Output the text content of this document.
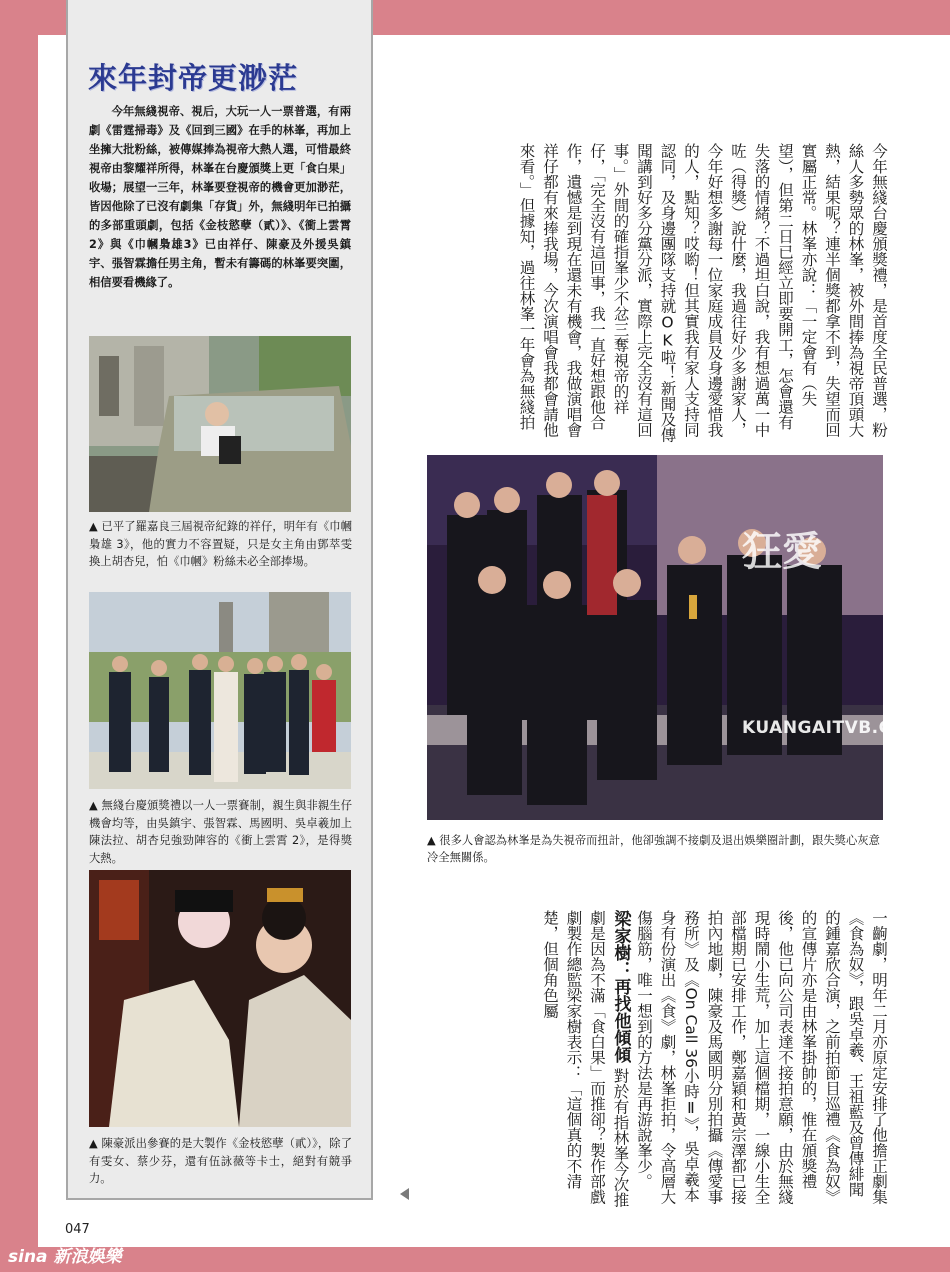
來年封帝更渺茫

今年無綫視帝、視后，大玩一人一票普選，有兩劇《雷霆掃毒》及《回到三國》在手的林峯，再加上坐擁大批粉絲，被傳媒捧為視帝大熱人選，可惜最終視帝由黎耀祥所得，林峯在台慶頒獎上更「食白果」收場；展望一三年，林峯要登視帝的機會更加渺茫，皆因他除了已沒有劇集「存貨」外，無綫明年已拍攝的多部重頭劇，包括《金枝慾孽（貳）》、《衝上雲霄2》與《巾幗梟雄3》已由祥仔、陳豪及外援吳鎮宇、張智霖擔任男主角，暫未有籌碼的林峯要突圍，相信要看機緣了。

▲ 已平了羅嘉良三屆視帝紀錄的祥仔，明年有《巾幗梟雄 3》，他的實力不容置疑，只是女主角由鄧萃雯換上胡杏兒，怕《巾幗》粉絲未必全部捧場。

▲ 無綫台慶頒獎禮以一人一票賽制，親生與非親生仔機會均等，由吳鎮宇、張智霖、馬國明、吳卓羲加上陳法拉、胡杏兒強勁陣容的《衝上雲霄 2》，是得獎大熱。

▲ 陳豪派出參賽的是大製作《金枝慾孽（貳）》，除了有雯女、蔡少芬，還有伍詠薇等卡士，絕對有競爭力。

今年無綫台慶頒獎禮，是首度全民普選，粉絲人多勢眾的林峯，被外間捧為視帝頂頭大熱，結果呢？連半個獎都拿不到，失望而回實屬正常。林峯亦說：「一定會有（失望），但第二日已經立即要開工，怎會還有失落的情緒？不過坦白說，我有想過萬一中咗（得獎）說什麼，我過往好少多謝家人，今年好想多謝每一位家庭成員及身邊愛惜我的人，點知？哎喲！但其實我有家人支持同認同，及身邊團隊支持就OK啦！新聞及傳聞講到好多分黨分派，實際上完全沒有這回事。」外間的確指峯少不忿三奪視帝的祥仔，「完全沒有這回事，我一直好想跟他合作，遺憾是到現在還未有機會，我做演唱會祥仔都有來捧我場，今次演唱會我都會請他來看。」但據知，過往林峯一年會為無綫拍

狂愛

KUANGAITVB.COM

▲ 很多人會認為林峯是為失視帝而扭計，他卻強調不接劇及退出娛樂圈計劃，跟失獎心灰意冷全無關係。

一齣劇，明年二月亦原定安排了他擔正劇集《食為奴》，跟吳卓羲、王祖藍及曾傳緋聞的鍾嘉欣合演，之前拍節目巡禮《食為奴》的宣傳片亦是由林峯掛帥的，惟在頒獎禮後，他已向公司表達不接拍意願，由於無綫現時鬧小生荒，加上這個檔期，一線小生全部檔期已安排工作，鄭嘉穎和黃宗澤都已接拍內地劇，陳豪及馬國明分別拍攝《傳愛事務所》及《On Call 36小時Ⅱ》，吳卓羲本身有份演出《食》劇，林峯拒拍，令高層大傷腦筋，唯一想到的方法是再游說峯少。 梁家樹：再找他傾傾 對於有指林峯今次推劇是因為不滿「食白果」而推卻？製作部戲劇製作總監梁家樹表示：「這個真的不清楚，但個角色屬

047

sina 新浪娛樂
